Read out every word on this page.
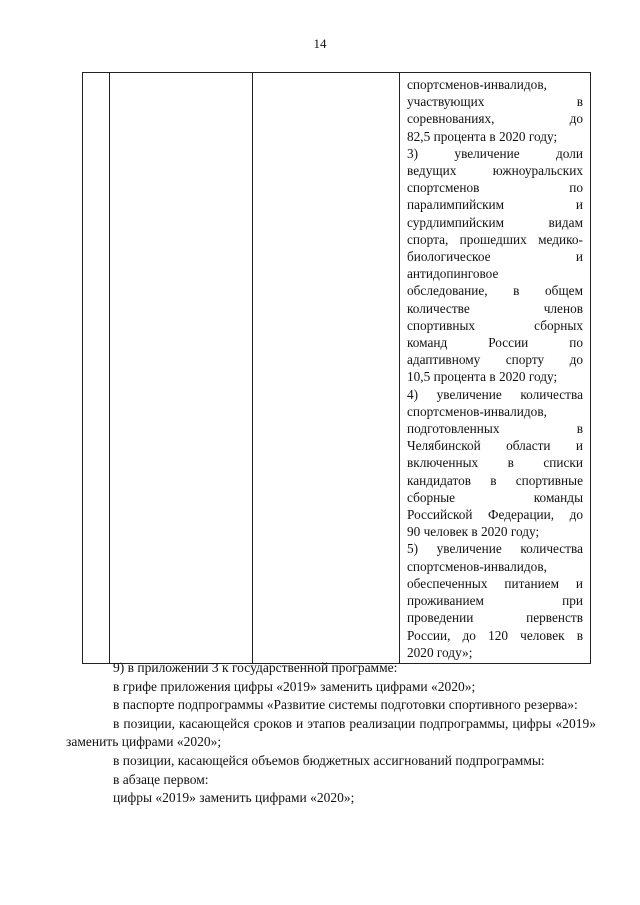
14

спортсменов-инвалидов,
участвующих в
соревнованиях, до
82,5 процента в 2020 году;
3) увеличение доли
ведущих южноуральских
спортсменов по
паралимпийским и
сурдлимпийским видам
спорта, прошедших медико-
биологическое и
антидопинговое
обследование, в общем
количестве членов
спортивных сборных
команд России по
адаптивному спорту до
10,5 процента в 2020 году;
4) увеличение количества
спортсменов-инвалидов,
подготовленных в
Челябинской области и
включенных в списки
кандидатов в спортивные
сборные команды
Российской Федерации, до
90 человек в 2020 году;
5) увеличение количества
спортсменов-инвалидов,
обеспеченных питанием и
проживанием при
проведении первенств
России, до 120 человек в
2020 году»;

9) в приложении 3 к государственной программе:

в грифе приложения цифры «2019» заменить цифрами «2020»;

в паспорте подпрограммы «Развитие системы подготовки спортивного резерва»:

в позиции, касающейся сроков и этапов реализации подпрограммы, цифры «2019» заменить цифрами «2020»;

в позиции, касающейся объемов бюджетных ассигнований подпрограммы:

в абзаце первом:

цифры «2019» заменить цифрами «2020»;
